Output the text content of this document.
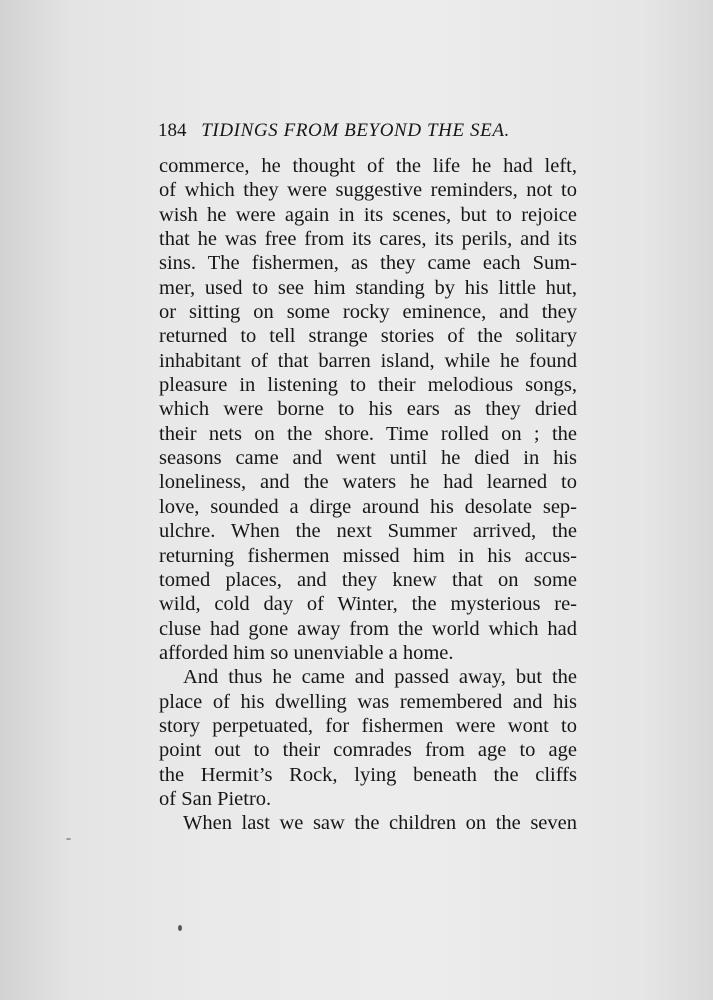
184 TIDINGS FROM BEYOND THE SEA.
commerce, he thought of the life he had left,
of which they were suggestive reminders, not to
wish he were again in its scenes, but to rejoice
that he was free from its cares, its perils, and its
sins. The fishermen, as they came each Sum-
mer, used to see him standing by his little hut,
or sitting on some rocky eminence, and they
returned to tell strange stories of the solitary
inhabitant of that barren island, while he found
pleasure in listening to their melodious songs,
which were borne to his ears as they dried
their nets on the shore. Time rolled on ; the
seasons came and went until he died in his
loneliness, and the waters he had learned to
love, sounded a dirge around his desolate sep-
ulchre. When the next Summer arrived, the
returning fishermen missed him in his accus-
tomed places, and they knew that on some
wild, cold day of Winter, the mysterious re-
cluse had gone away from the world which had
afforded him so unenviable a home.
And thus he came and passed away, but the
place of his dwelling was remembered and his
story perpetuated, for fishermen were wont to
point out to their comrades from age to age
the Hermit’s Rock, lying beneath the cliffs
of San Pietro.
When last we saw the children on the seven
